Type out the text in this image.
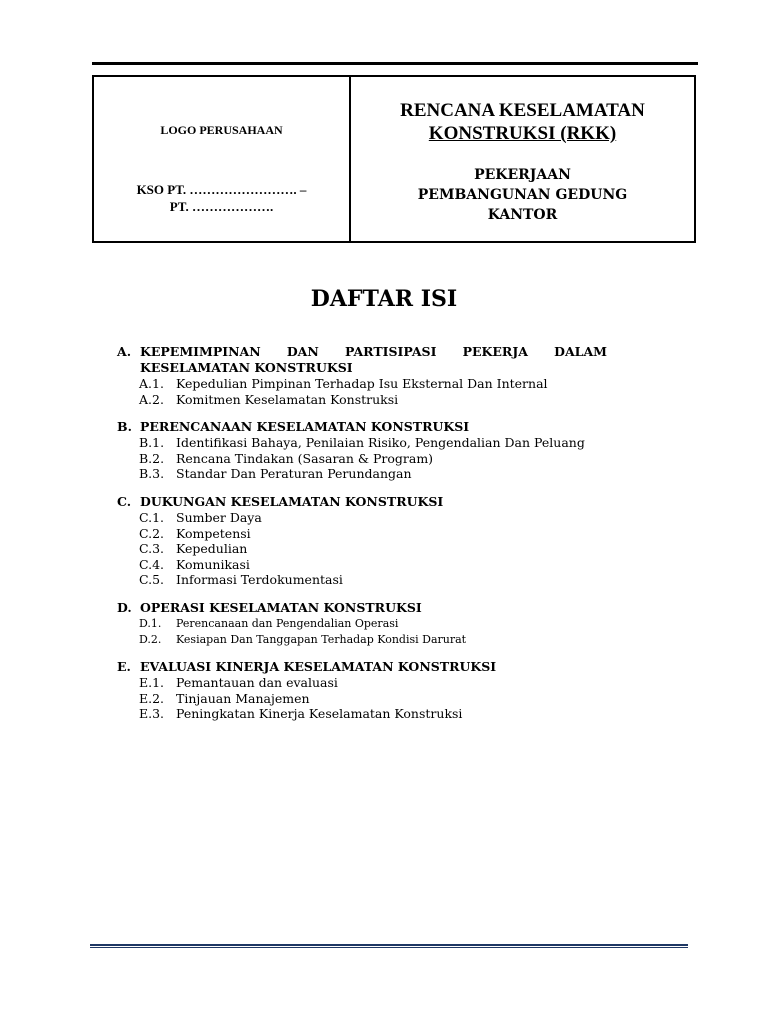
LOGO PERUSAHAAN
KSO PT. ……………………. –
PT. ……………….
RENCANA KESELAMATAN
KONSTRUKSI (RKK)
PEKERJAAN
PEMBANGUNAN GEDUNG
KANTOR
DAFTAR ISI
A. KEPEMIMPINAN DAN PARTISIPASI PEKERJA DALAM
KESELAMATAN KONSTRUKSI
A.1. Kepedulian Pimpinan Terhadap Isu Eksternal Dan Internal
A.2. Komitmen Keselamatan Konstruksi
B. PERENCANAAN KESELAMATAN KONSTRUKSI
B.1. Identifikasi Bahaya, Penilaian Risiko, Pengendalian Dan Peluang
B.2. Rencana Tindakan (Sasaran & Program)
B.3. Standar Dan Peraturan Perundangan
C. DUKUNGAN KESELAMATAN KONSTRUKSI
C.1. Sumber Daya
C.2. Kompetensi
C.3. Kepedulian
C.4. Komunikasi
C.5. Informasi Terdokumentasi
D. OPERASI KESELAMATAN KONSTRUKSI
D.1.	Perencanaan dan Pengendalian Operasi
D.2.	Kesiapan Dan Tanggapan Terhadap Kondisi Darurat
E. EVALUASI KINERJA KESELAMATAN KONSTRUKSI
E.1. Pemantauan dan evaluasi
E.2. Tinjauan Manajemen
E.3. Peningkatan Kinerja Keselamatan Konstruksi
